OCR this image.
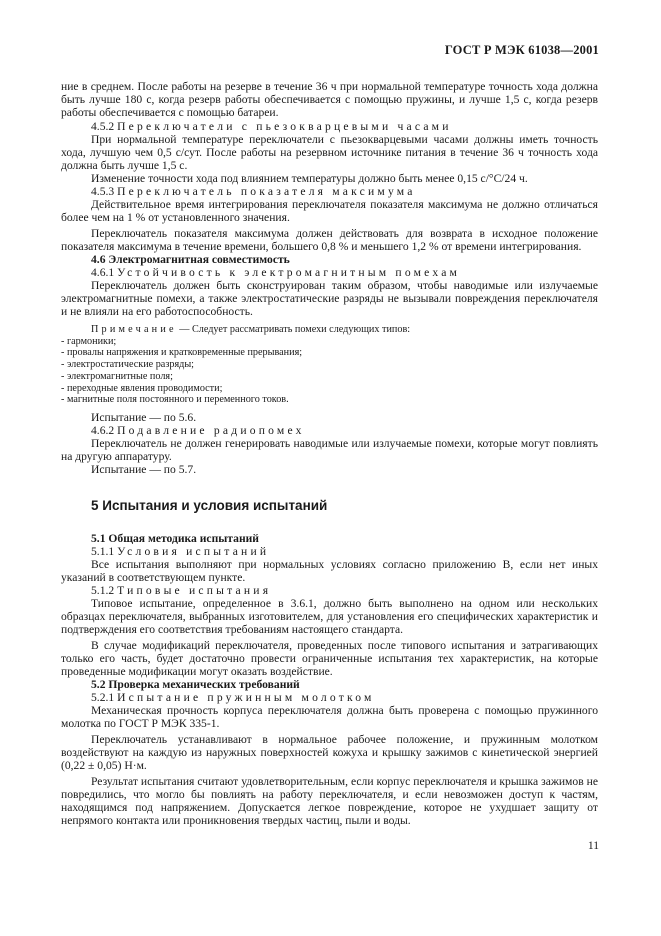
ГОСТ Р МЭК 61038—2001

ние в среднем. После работы на резерве в течение 36 ч при нормальной температуре точность хода должна быть лучше 180 с, когда резерв работы обеспечивается с помощью пружины, и лучше 1,5 с, когда резерв работы обеспечивается с помощью батареи.

4.5.2 Переключатели с пьезокварцевыми часами

При нормальной температуре переключатели с пьезокварцевыми часами должны иметь точность хода, лучшую чем 0,5 с/сут. После работы на резервном источнике питания в течение 36 ч точность хода должна быть лучше 1,5 с.

Изменение точности хода под влиянием температуры должно быть менее 0,15 с/°С/24 ч.

4.5.3 Переключатель показателя максимума

Действительное время интегрирования переключателя показателя максимума не должно отличаться более чем на 1 % от установленного значения.

Переключатель показателя максимума должен действовать для возврата в исходное положение показателя максимума в течение времени, большего 0,8 % и меньшего 1,2 % от времени интегрирования.

4.6 Электромагнитная совместимость

4.6.1 Устойчивость к электромагнитным помехам

Переключатель должен быть сконструирован таким образом, чтобы наводимые или излучаемые электромагнитные помехи, а также электростатические разряды не вызывали повреждения переключателя и не влияли на его работоспособность.

Примечание — Следует рассматривать помехи следующих типов:

- гармоники;

- провалы напряжения и кратковременные прерывания;

- электростатические разряды;

- электромагнитные поля;

- переходные явления проводимости;

- магнитные поля постоянного и переменного токов.

Испытание — по 5.6.

4.6.2 Подавление радиопомех

Переключатель не должен генерировать наводимые или излучаемые помехи, которые могут повлиять на другую аппаратуру.

Испытание — по 5.7.

5 Испытания и условия испытаний

5.1 Общая методика испытаний

5.1.1 Условия испытаний

Все испытания выполняют при нормальных условиях согласно приложению В, если нет иных указаний в соответствующем пункте.

5.1.2 Типовые испытания

Типовое испытание, определенное в 3.6.1, должно быть выполнено на одном или нескольких образцах переключателя, выбранных изготовителем, для установления его специфических характеристик и подтверждения его соответствия требованиям настоящего стандарта.

В случае модификаций переключателя, проведенных после типового испытания и затрагивающих только его часть, будет достаточно провести ограниченные испытания тех характеристик, на которые проведенные модификации могут оказать воздействие.

5.2 Проверка механических требований

5.2.1 Испытание пружинным молотком

Механическая прочность корпуса переключателя должна быть проверена с помощью пружинного молотка по ГОСТ Р МЭК 335-1.

Переключатель устанавливают в нормальное рабочее положение, и пружинным молотком воздействуют на каждую из наружных поверхностей кожуха и крышку зажимов с кинетической энергией (0,22 ± 0,05) Н·м.

Результат испытания считают удовлетворительным, если корпус переключателя и крышка зажимов не повредились, что могло бы повлиять на работу переключателя, и если невозможен доступ к частям, находящимся под напряжением. Допускается легкое повреждение, которое не ухудшает защиту от непрямого контакта или проникновения твердых частиц, пыли и воды.

11
